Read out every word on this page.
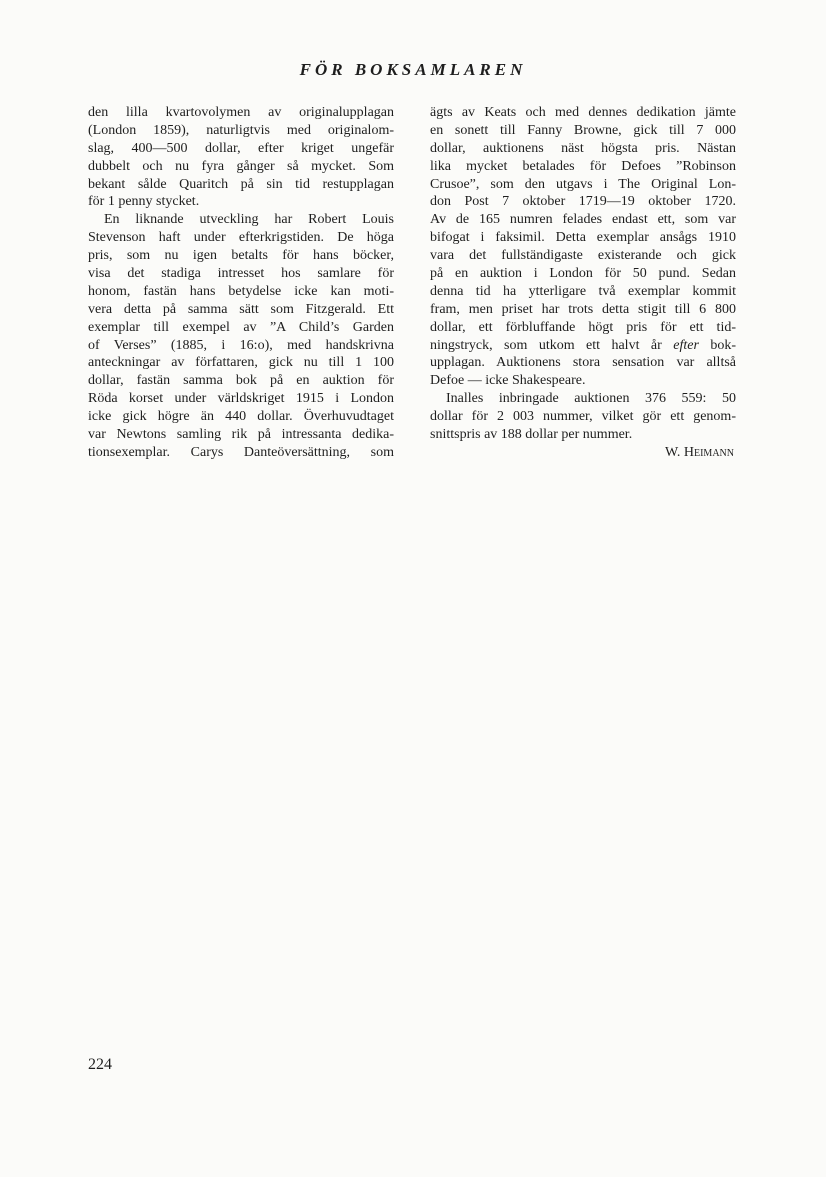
FÖR BOKSAMLAREN
den lilla kvartovolymen av originalupplagan
(London 1859), naturligtvis med originalom-
slag, 400—500 dollar, efter kriget ungefär
dubbelt och nu fyra gånger så mycket. Som
bekant sålde Quaritch på sin tid restupplagan
för 1 penny stycket.
En liknande utveckling har Robert Louis
Stevenson haft under efterkrigstiden. De höga
pris, som nu igen betalts för hans böcker,
visa det stadiga intresset hos samlare för
honom, fastän hans betydelse icke kan moti-
vera detta på samma sätt som Fitzgerald. Ett
exemplar till exempel av ”A Child’s Garden
of Verses” (1885, i 16:o), med handskrivna
anteckningar av författaren, gick nu till 1 100
dollar, fastän samma bok på en auktion för
Röda korset under världskriget 1915 i London
icke gick högre än 440 dollar. Överhuvudtaget
var Newtons samling rik på intressanta dedika-
tionsexemplar. Carys Danteöversättning, som
ägts av Keats och med dennes dedikation jämte
en sonett till Fanny Browne, gick till 7 000
dollar, auktionens näst högsta pris. Nästan
lika mycket betalades för Defoes ”Robinson
Crusoe”, som den utgavs i The Original Lon-
don Post 7 oktober 1719—19 oktober 1720.
Av de 165 numren felades endast ett, som var
bifogat i faksimil. Detta exemplar ansågs 1910
vara det fullständigaste existerande och gick
på en auktion i London för 50 pund. Sedan
denna tid ha ytterligare två exemplar kommit
fram, men priset har trots detta stigit till 6 800
dollar, ett förbluffande högt pris för ett tid-
ningstryck, som utkom ett halvt år efter bok-
upplagan. Auktionens stora sensation var alltså
Defoe — icke Shakespeare.
Inalles inbringade auktionen 376 559: 50
dollar för 2 003 nummer, vilket gör ett genom-
snittspris av 188 dollar per nummer.
W. Heimann
224
